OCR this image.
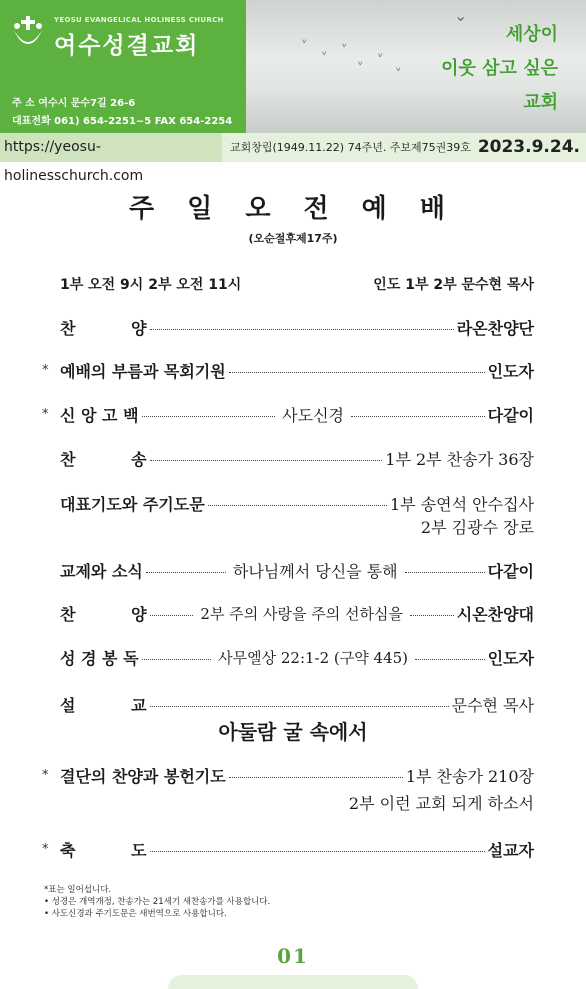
YEOSU EVANGELICAL HOLINESS CHURCH
여수성결교회
주 소 여수시 문수7길 26-6
대표전화 061) 654-2251~5 FAX 654-2254
⌄
ᵛ
ᵛ
ᵛ
ᵛ
ᵛ
ᵛ
세상이
이웃 삼고 싶은
교회
https://yeosu-holinesschurch.com
교회창립(1949.11.22) 74주년. 주보제75권39호 2023.9.24.
주 일 오 전 예 배
(오순절후제17주)
1부 오전 9시 2부 오전 11시	인도 1부 2부 문수현 목사
찬          양	라온찬양단
* 예배의 부름과 목회기원	인도자
* 신 앙 고 백	사도신경	다같이
찬          송	1부 2부 찬송가 36장
대표기도와 주기도문	1부 송연석 안수집사
2부 김광수 장로
교제와 소식	하나님께서 당신을 통해	다같이
찬          양	2부 주의 사랑을 주의 선하심을	시온찬양대
성 경 봉 독	사무엘상 22:1-2 (구약 445)	인도자
설          교	문수현 목사
아둘람 굴 속에서
* 결단의 찬양과 봉헌기도	1부 찬송가 210장
2부 이런 교회 되게 하소서
* 축          도	설교자
*표는 일어섭니다.
• 성경은 개역개정, 찬송가는 21세기 새찬송가를 사용합니다.
• 사도신경과 주기도문은 새번역으로 사용합니다.
01
